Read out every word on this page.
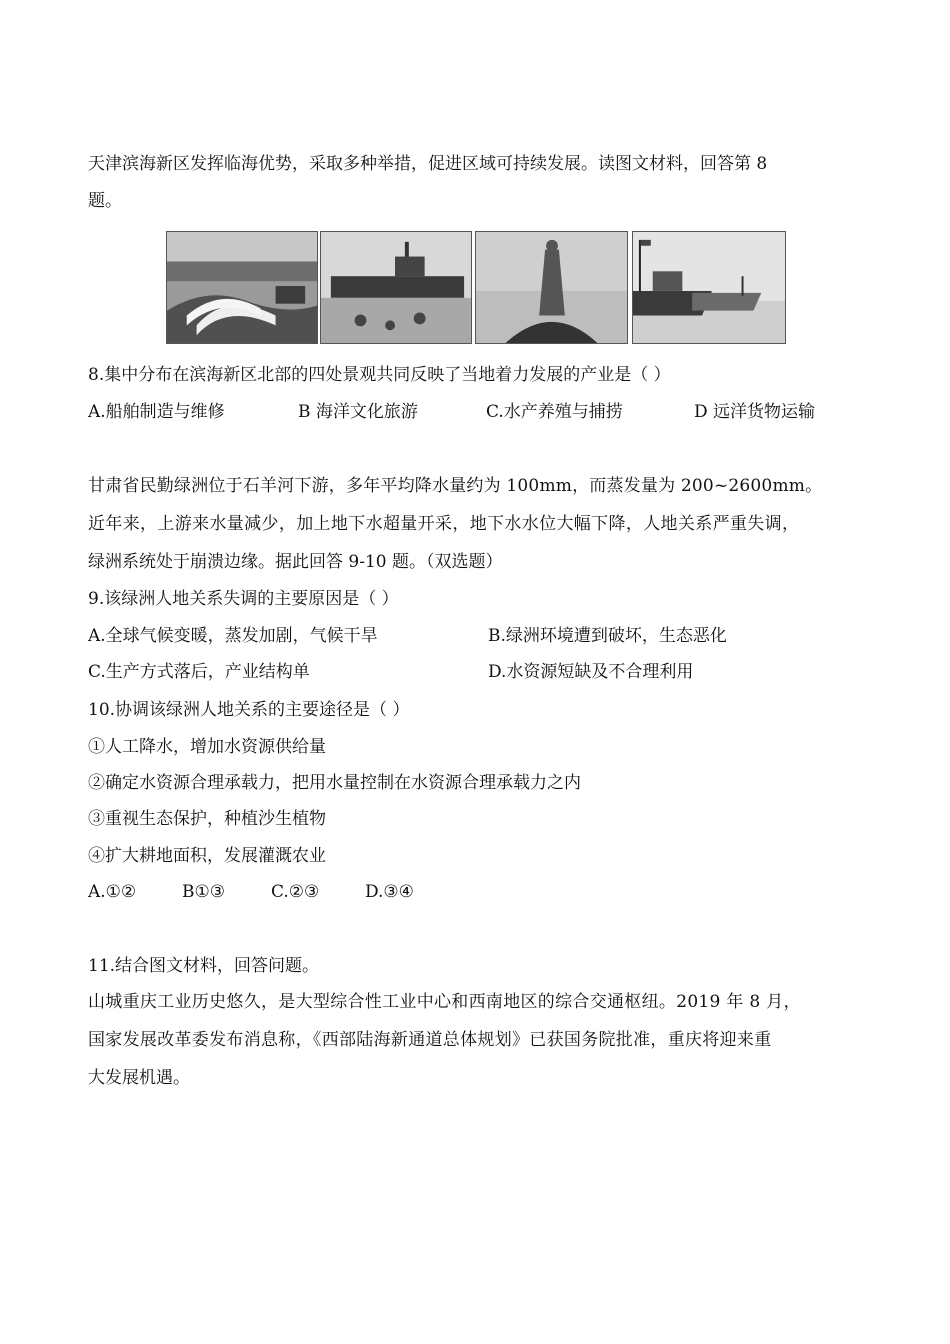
天津滨海新区发挥临海优势，采取多种举措，促进区域可持续发展。读图文材料，回答第 8
题。
8.集中分布在滨海新区北部的四处景观共同反映了当地着力发展的产业是（ ）
A.船舶制造与维修	B 海洋文化旅游	C.水产养殖与捕捞	D 远洋货物运输
甘肃省民勤绿洲位于石羊河下游，多年平均降水量约为 100mm，而蒸发量为 200~2600mm。
近年来，上游来水量减少，加上地下水超量开采，地下水水位大幅下降，人地关系严重失调，
绿洲系统处于崩溃边缘。据此回答 9-10 题。（双选题）
9.该绿洲人地关系失调的主要原因是（ ）
A.全球气候变暖，蒸发加剧，气候干旱	B.绿洲环境遭到破坏，生态恶化
C.生产方式落后，产业结构单	D.水资源短缺及不合理利用
10.协调该绿洲人地关系的主要途径是（ ）
①人工降水，增加水资源供给量
②确定水资源合理承载力，把用水量控制在水资源合理承载力之内
③重视生态保护，种植沙生植物
④扩大耕地面积，发展灌溉农业
A.①②	B①③	C.②③	D.③④
11.结合图文材料，回答问题。
山城重庆工业历史悠久，是大型综合性工业中心和西南地区的综合交通枢纽。2019 年 8 月，
国家发展改革委发布消息称，《西部陆海新通道总体规划》已获国务院批准，重庆将迎来重
大发展机遇。
